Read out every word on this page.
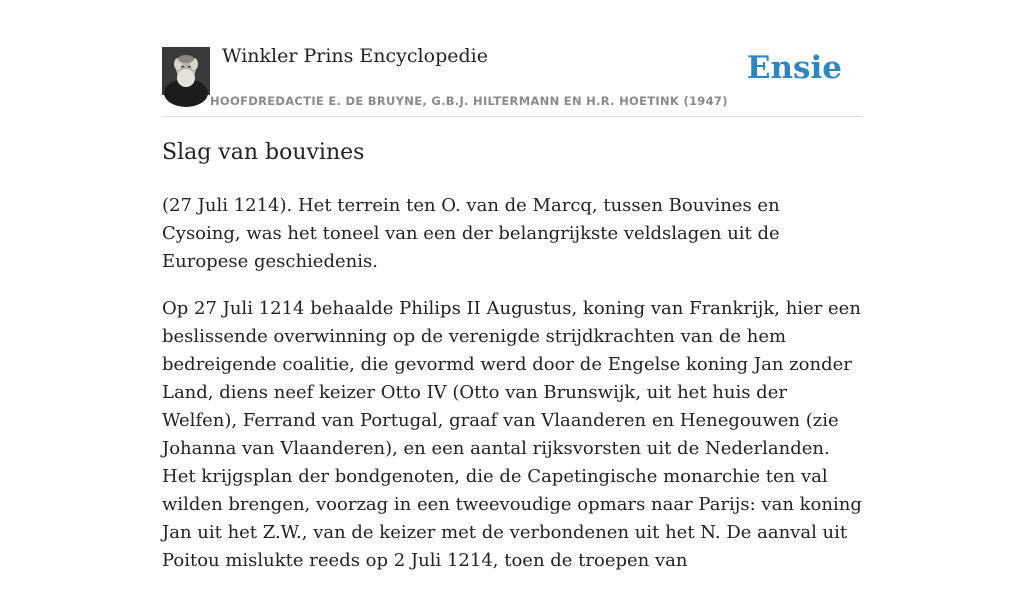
Winkler Prins Encyclopedie
HOOFDREDACTIE E. DE BRUYNE, G.B.J. HILTERMANN EN H.R. HOETINK (1947)
Ensie
Slag van bouvines

(27 Juli 1214). Het terrein ten O. van de Marcq, tussen Bouvines en Cysoing, was het toneel van een der belangrijkste veldslagen uit de Europese geschiedenis.

Op 27 Juli 1214 behaalde Philips II Augustus, koning van Frankrijk, hier een beslissende overwinning op de verenigde strijdkrachten van de hem bedreigende coalitie, die gevormd werd door de Engelse koning Jan zonder Land, diens neef keizer Otto IV (Otto van Brunswijk, uit het huis der Welfen), Ferrand van Portugal, graaf van Vlaanderen en Henegouwen (zie Johanna van Vlaanderen), en een aantal rijksvorsten uit de Nederlanden. Het krijgsplan der bondgenoten, die de Capetingische monarchie ten val wilden brengen, voorzag in een tweevoudige opmars naar Parijs: van koning Jan uit het Z.W., van de keizer met de verbondenen uit het N. De aanval uit Poitou mislukte reeds op 2 Juli 1214, toen de troepen van
